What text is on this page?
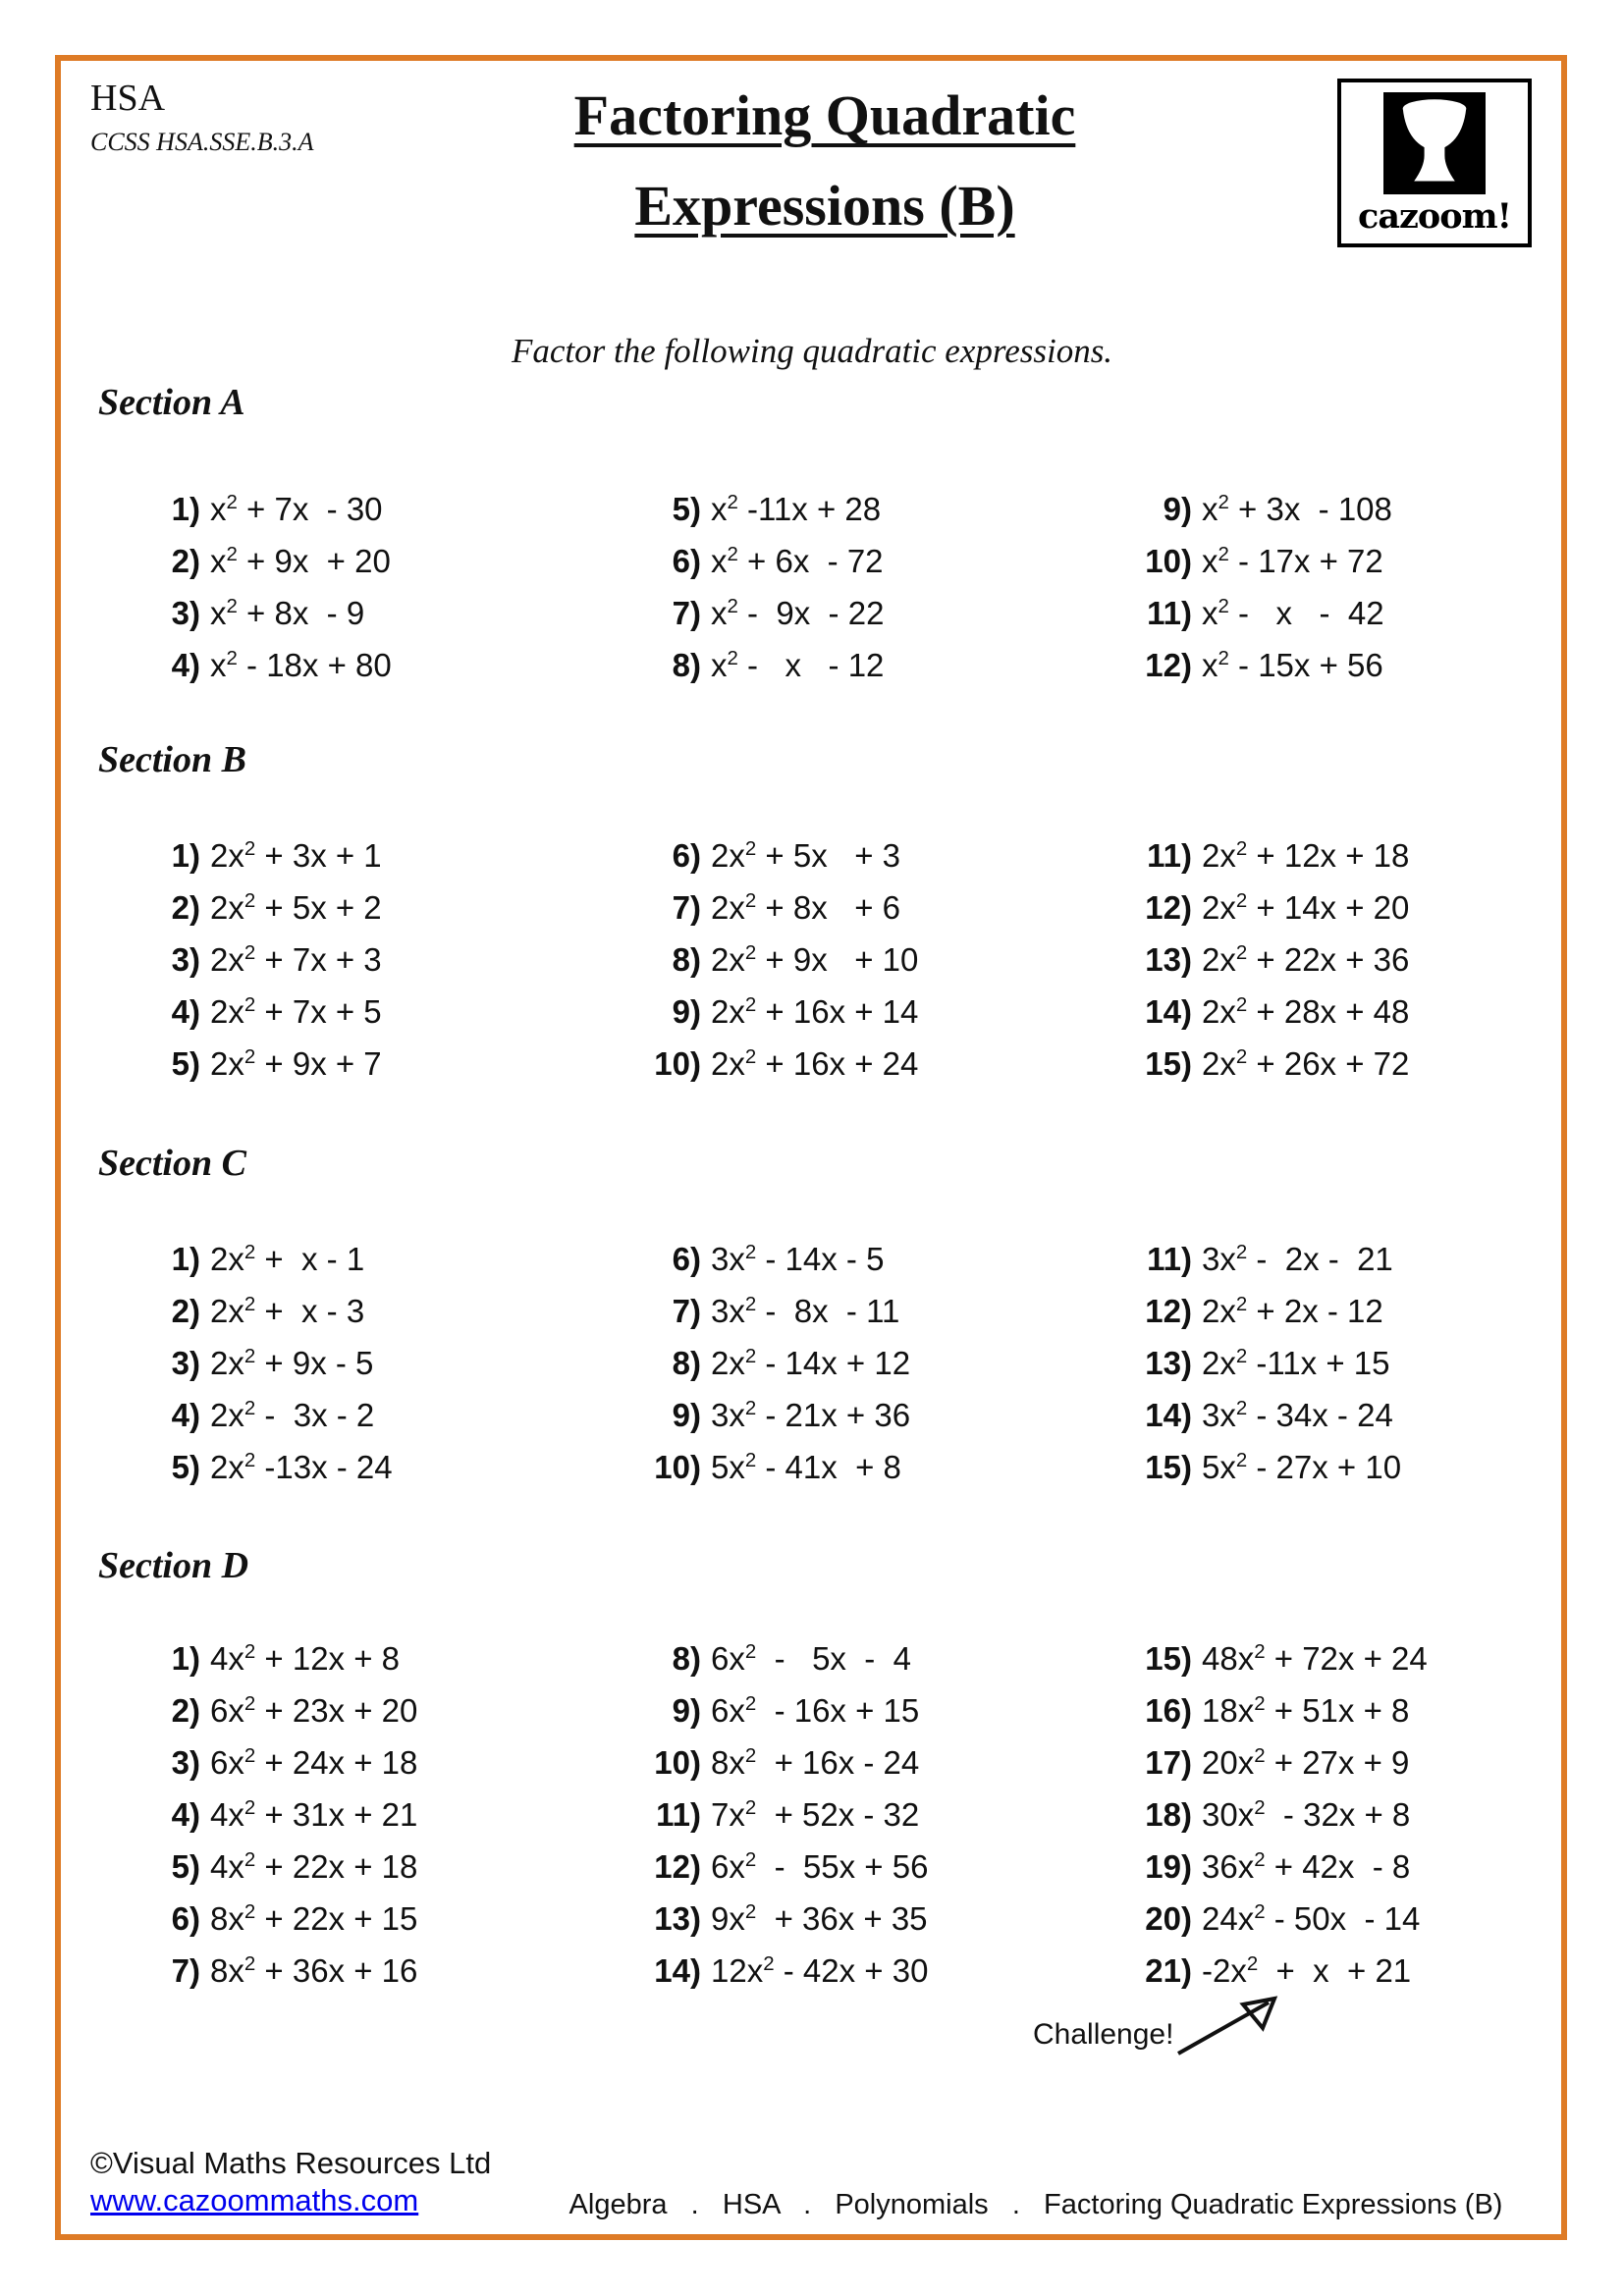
HSA
CCSS HSA.SSE.B.3.A	Factoring Quadratic
Expressions (B)	cazoom!
Factor the following quadratic expressions.
Section A
Section B
Section C
Section D
1) $x^2 + 7x - 30$
2) $x^2 + 9x + 20$
3) $x^2 + 8x - 9$
4) $x^2 - 18x + 80$
5) $x^2$ -11x + 28
6) $x^2 + 6x - 72$
7) $x^2 - 9x - 22$
8) $x^2$ -   x   - 12
9) $x^2 + 3x - 108$
10) $x^2 - 17x + 72$
11) $x^2$ -   x   -  42
12) $x^2 - 15x + 56$
1) $2x^2 + 3x + 1$
2) $2x^2 + 5x + 2$
3) $2x^2 + 7x + 3$
4) $2x^2 + 7x + 5$
5) $2x^2 + 9x + 7$
6) $2x^2 + 5x + 3$
7) $2x^2 + 8x + 6$
8) $2x^2 + 9x + 10$
9) $2x^2 + 16x + 14$
10) $2x^2 + 16x + 24$
11) $2x^2 + 12x + 18$
12) $2x^2 + 14x + 20$
13) $2x^2 + 22x + 36$
14) $2x^2 + 28x + 48$
15) $2x^2 + 26x + 72$
1) $2x^2 + x - 1$
2) $2x^2 + x - 3$
3) $2x^2 + 9x - 5$
4) $2x^2 - 3x - 2$
5) $2x^2$ -13x - 24
6) $3x^2 - 14x - 5$
7) $3x^2 - 8x - 11$
8) $2x^2 - 14x + 12$
9) $3x^2 - 21x + 36$
10) $5x^2 - 41x + 8$
11) $3x^2 - 2x - 21$
12) $2x^2 + 2x - 12$
13) $2x^2$ -11x + 15
14) $3x^2 - 34x - 24$
15) $5x^2 - 27x + 10$
1) $4x^2 + 12x + 8$
2) $6x^2 + 23x + 20$
3) $6x^2 + 24x + 18$
4) $4x^2 + 31x + 21$
5) $4x^2 + 22x + 18$
6) $8x^2 + 22x + 15$
7) $8x^2 + 36x + 16$
8) $6x^2 - 5x - 4$
9) $6x^2 - 16x + 15$
10) $8x^2 + 16x - 24$
11) $7x^2 + 52x - 32$
12) $6x^2 - 55x + 56$
13) $9x^2 + 36x + 35$
14) $12x^2 - 42x + 30$
15) $48x^2 + 72x + 24$
16) $18x^2 + 51x + 8$
17) $20x^2 + 27x + 9$
18) $30x^2 - 32x + 8$
19) $36x^2 + 42x - 8$
20) $24x^2 - 50x - 14$
21) $-2x^2 + x + 21$
Challenge!
©Visual Maths Resources Ltd
www.cazoommaths.com	Algebra   .   HSA   .   Polynomials   .   Factoring Quadratic Expressions (B)
